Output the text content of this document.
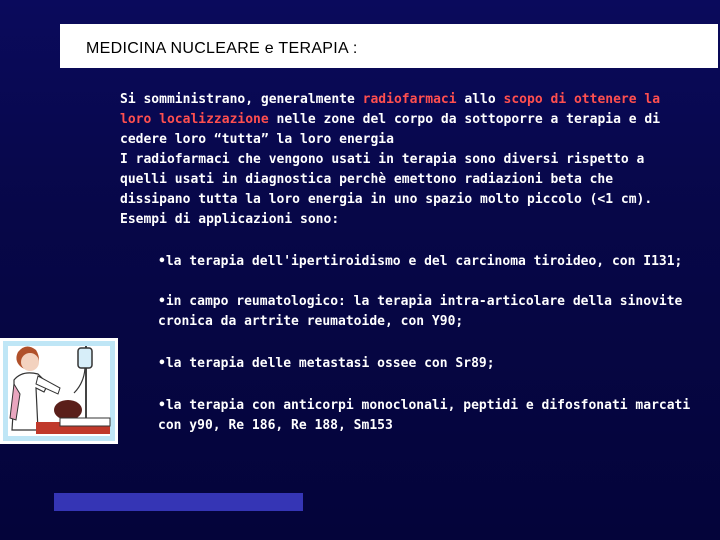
MEDICINA NUCLEARE e TERAPIA :
Si somministrano, generalmente radiofarmaci allo scopo di ottenere la
loro localizzazione nelle zone del corpo da sottoporre a terapia e di
cedere loro “tutta” la loro energia
I radiofarmaci che vengono usati in terapia sono diversi rispetto a
quelli usati in diagnostica perchè emettono radiazioni beta che
dissipano tutta la loro energia in uno spazio molto piccolo (<1 cm).
Esempi di applicazioni sono:
•la terapia dell'ipertiroidismo e del carcinoma tiroideo, con I131;
•in campo reumatologico: la terapia intra-articolare della sinovite cronica da artrite reumatoide, con Y90;
•la terapia delle metastasi ossee con Sr89;
•la terapia con anticorpi monoclonali, peptidi e difosfonati marcati con y90, Re 186, Re 188, Sm153
